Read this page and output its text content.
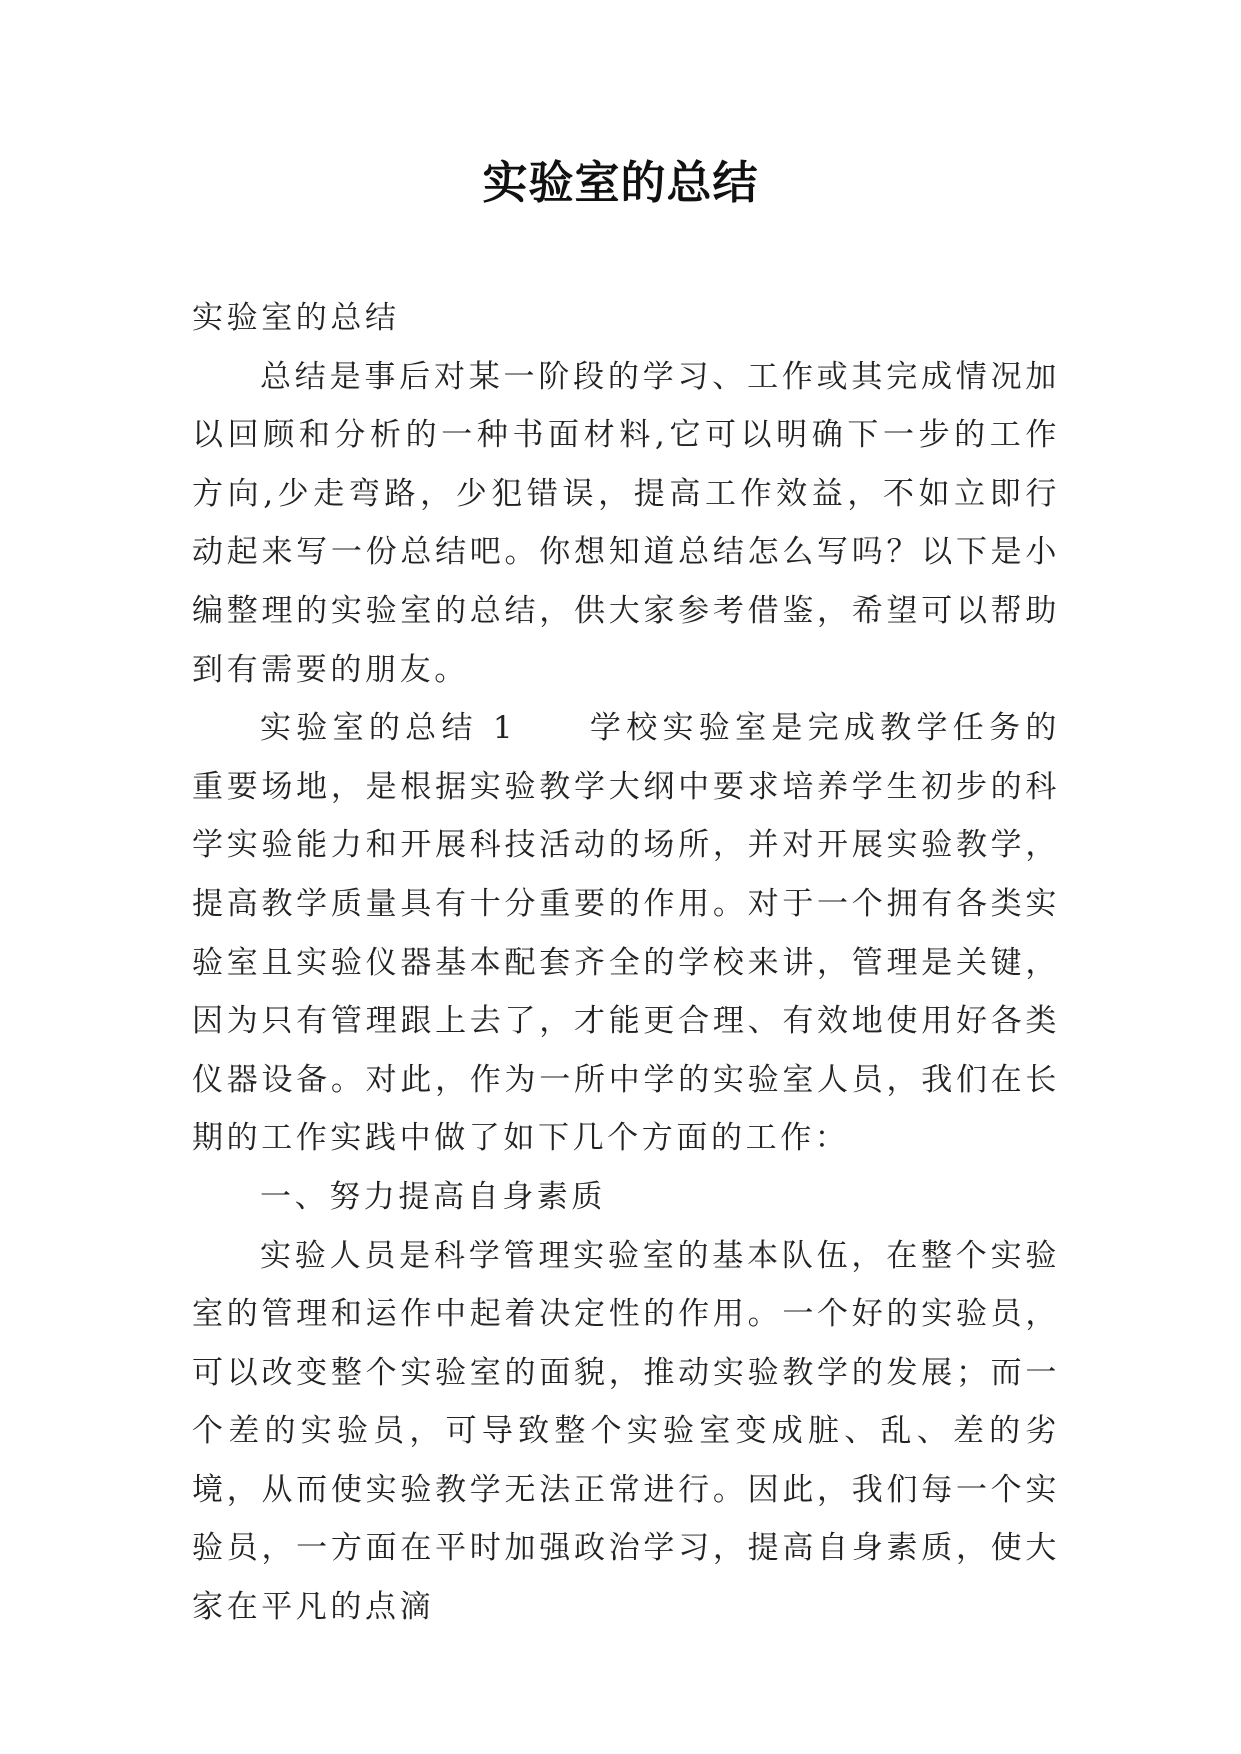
实验室的总结

实验室的总结

总结是事后对某一阶段的学习、工作或其完成情况加以回顾和分析的一种书面材料,它可以明确下一步的工作方向,少走弯路，少犯错误，提高工作效益，不如立即行动起来写一份总结吧。你想知道总结怎么写吗？以下是小编整理的实验室的总结，供大家参考借鉴，希望可以帮助到有需要的朋友。

实验室的总结 1 学校实验室是完成教学任务的重要场地，是根据实验教学大纲中要求培养学生初步的科学实验能力和开展科技活动的场所，并对开展实验教学，提高教学质量具有十分重要的作用。对于一个拥有各类实验室且实验仪器基本配套齐全的学校来讲，管理是关键，因为只有管理跟上去了，才能更合理、有效地使用好各类仪器设备。对此，作为一所中学的实验室人员，我们在长期的工作实践中做了如下几个方面的工作：

一、努力提高自身素质

实验人员是科学管理实验室的基本队伍，在整个实验室的管理和运作中起着决定性的作用。一个好的实验员，可以改变整个实验室的面貌，推动实验教学的发展；而一个差的实验员，可导致整个实验室变成脏、乱、差的劣境，从而使实验教学无法正常进行。因此，我们每一个实验员，一方面在平时加强政治学习，提高自身素质，使大家在平凡的点滴
